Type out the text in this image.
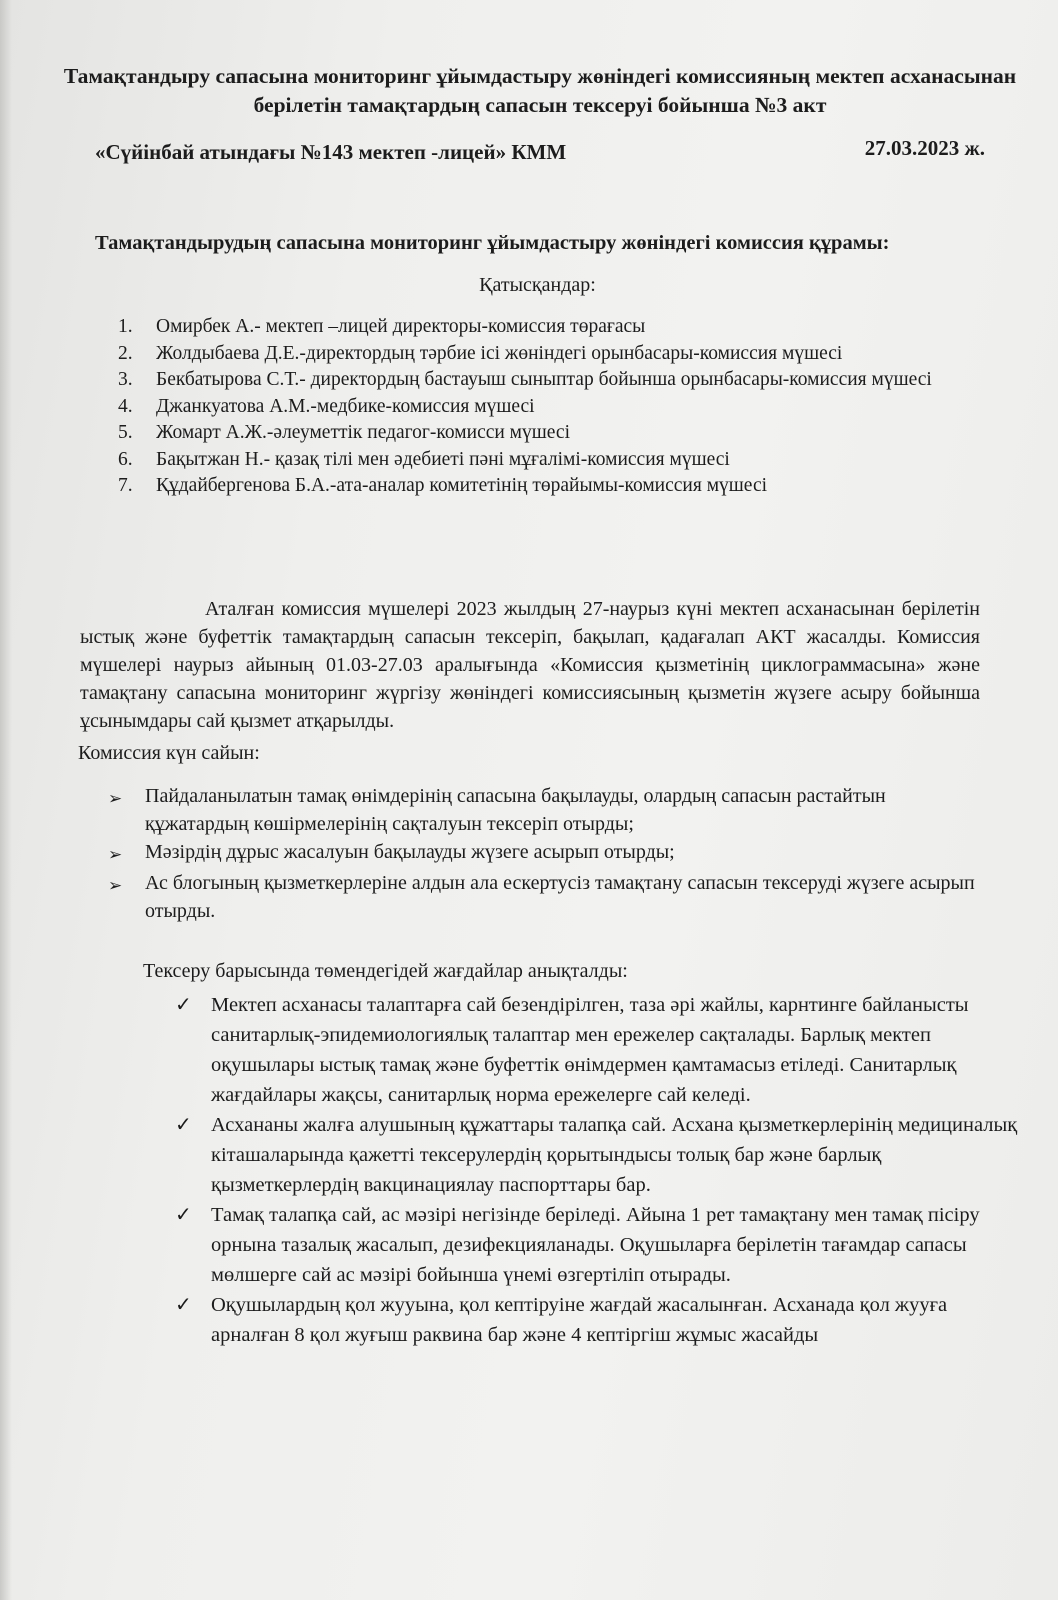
Тамақтандыру сапасына мониторинг ұйымдастыру жөніндегі комиссияның мектеп асханасынан берілетін тамақтардың сапасын тексеруі бойынша №3 акт
«Сүйінбай атындағы №143 мектеп -лицей» КММ	27.03.2023 ж.
Тамақтандырудың сапасына мониторинг ұйымдастыру жөніндегі комиссия құрамы:
Қатысқандар:
1.	Омирбек А.- мектеп –лицей директоры-комиссия төрағасы
2.	Жолдыбаева Д.Е.-директордың тәрбие ісі жөніндегі орынбасары-комиссия мүшесі
3.	Бекбатырова С.Т.- директордың бастауыш сыныптар бойынша орынбасары-комиссия мүшесі
4.	Джанкуатова А.М.-медбике-комиссия мүшесі
5.	Жомарт А.Ж.-әлеуметтік педагог-комисси мүшесі
6.	Бақытжан Н.- қазақ тілі мен әдебиеті пәні мұғалімі-комиссия мүшесі
7.	Құдайбергенова Б.А.-ата-аналар комитетінің төрайымы-комиссия мүшесі
Аталған комиссия мүшелері 2023 жылдың 27-наурыз күні мектеп асханасынан берілетін ыстық және буфеттік тамақтардың сапасын тексеріп, бақылап, қадағалап АКТ жасалды. Комиссия мүшелері наурыз айының 01.03-27.03 аралығында «Комиссия қызметінің циклограммасына» және тамақтану сапасына мониторинг жүргізу жөніндегі комиссиясының қызметін жүзеге асыру бойынша ұсынымдары сай қызмет атқарылды.
Комиссия күн сайын:
➢	Пайдаланылатын тамақ өнімдерінің сапасына бақылауды, олардың сапасын растайтын құжатардың көшірмелерінің сақталуын тексеріп отырды;
➢	Мәзірдің дұрыс жасалуын бақылауды жүзеге асырып отырды;
➢	Ас блогының қызметкерлеріне алдын ала ескертусіз тамақтану сапасын тексеруді жүзеге асырып отырды.
Тексеру барысында төмендегідей жағдайлар анықталды:
✓ Мектеп асханасы талаптарға сай безендірілген, таза әрі жайлы, карнтинге байланысты санитарлық-эпидемиологиялық талаптар мен ережелер сақталады. Барлық мектеп оқушылары ыстық тамақ және буфеттік өнімдермен қамтамасыз етіледі. Санитарлық жағдайлары жақсы, санитарлық норма ережелерге сай келеді.
✓ Асхананы жалға алушының құжаттары талапқа сай. Асхана қызметкерлерінің медициналық кіташаларында қажетті тексерулердің қорытындысы толық бар және барлық қызметкерлердің вакцинациялау паспорттары бар.
✓ Тамақ талапқа сай, ас мәзірі негізінде беріледі. Айына 1 рет тамақтану мен тамақ пісіру орнына тазалық жасалып, дезифекцияланады. Оқушыларға берілетін тағамдар сапасы мөлшерге сай ас мәзірі бойынша үнемі өзгертіліп отырады.
✓ Оқушылардың қол жууына, қол кептіруіне жағдай жасалынған. Асханада қол жууға арналған 8 қол жуғыш раквина бар және 4 кептіргіш жұмыс жасайды
